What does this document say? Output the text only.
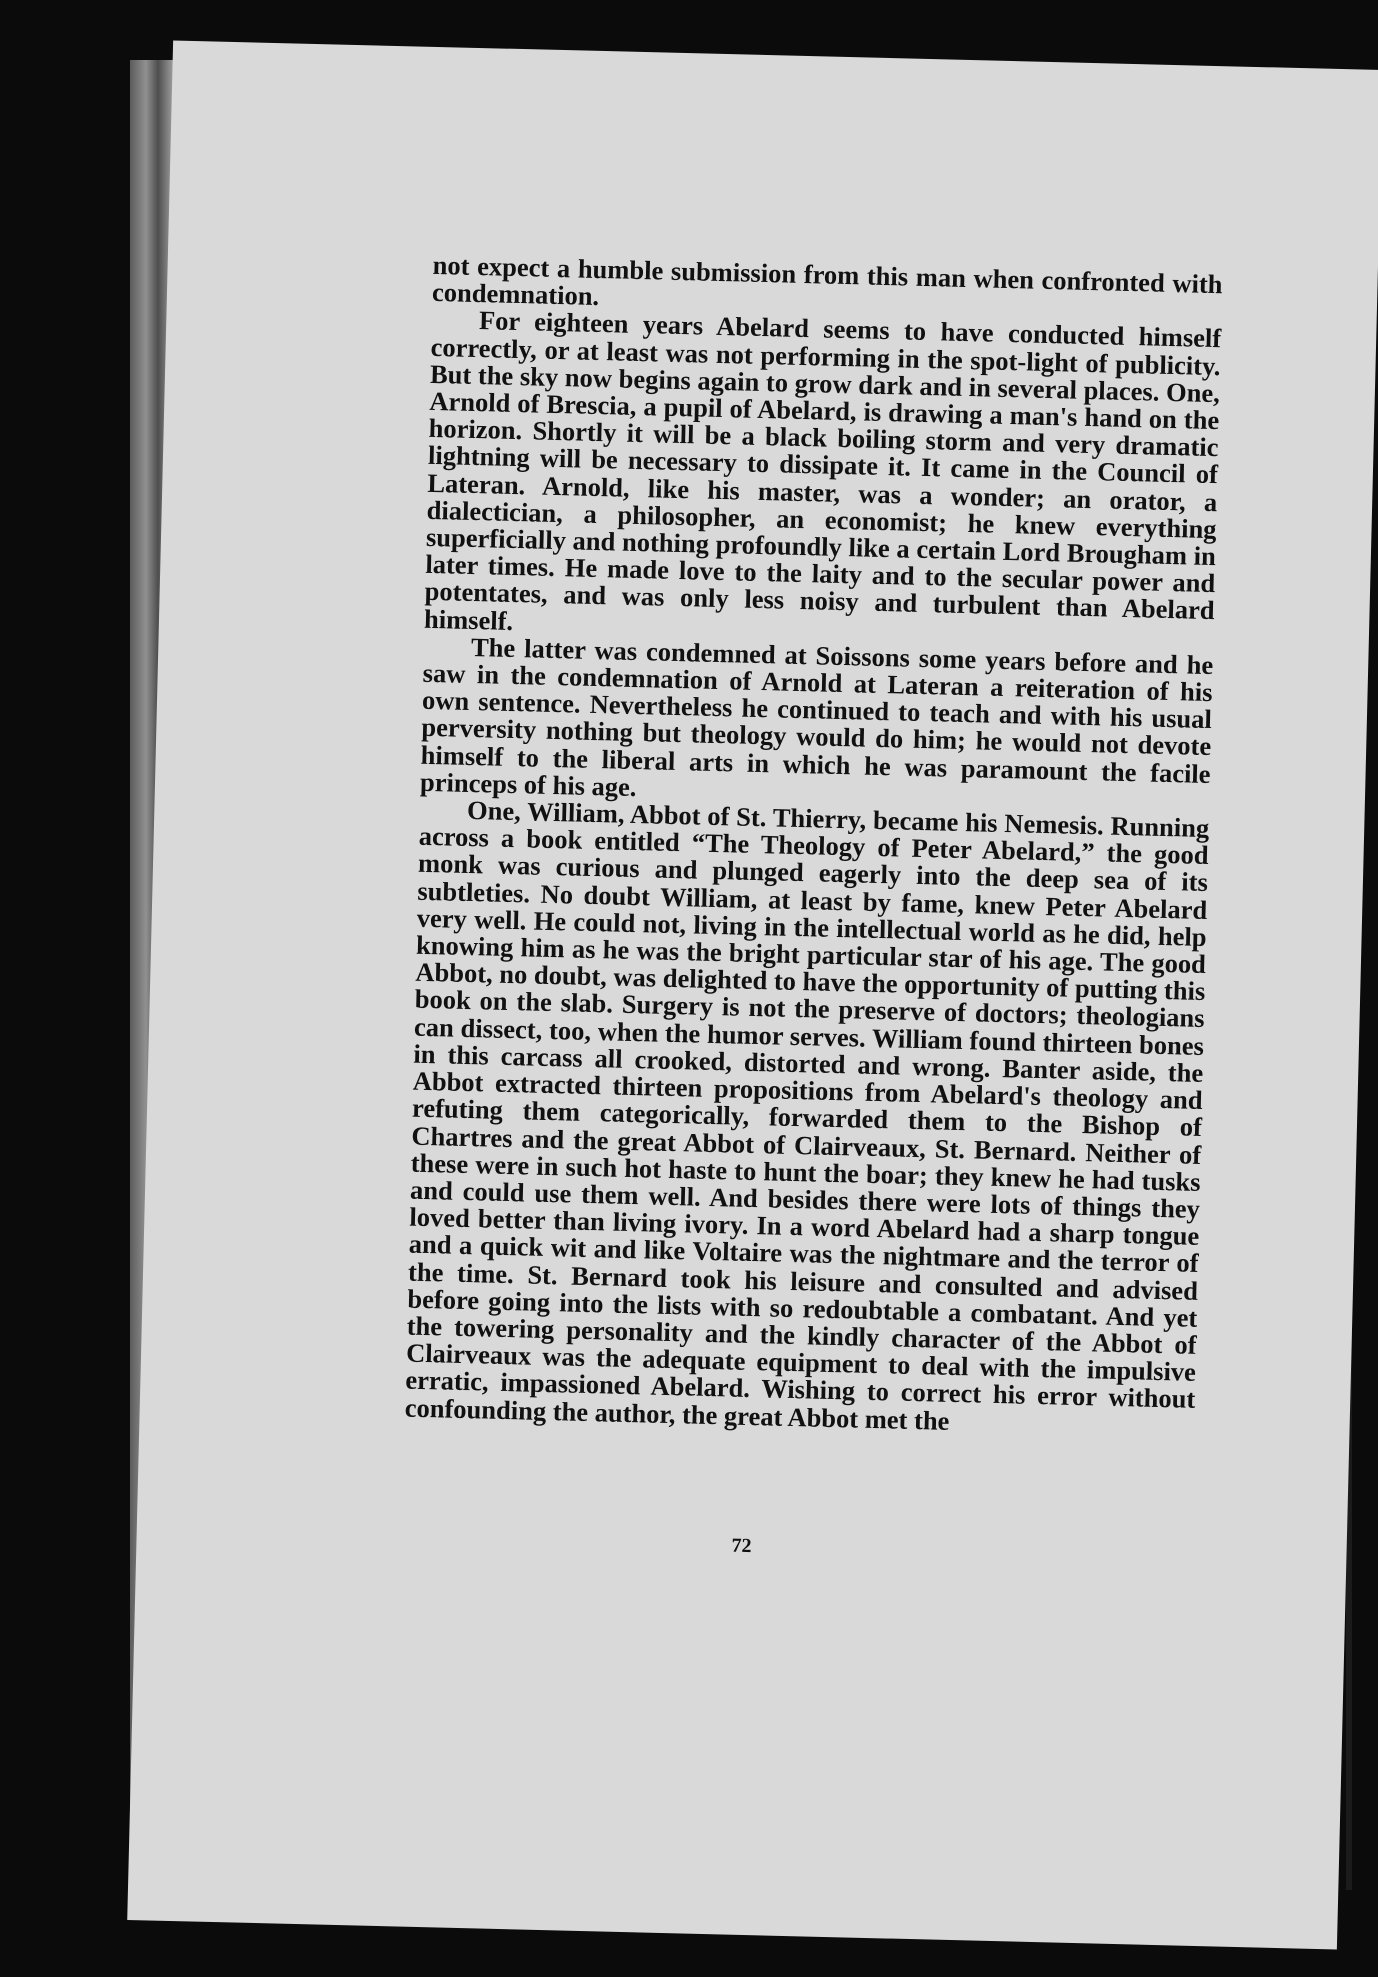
not expect a humble submission from this man when confronted with condemnation.

For eighteen years Abelard seems to have conducted himself correctly, or at least was not performing in the spot-light of publicity. But the sky now begins again to grow dark and in several places. One, Arnold of Brescia, a pupil of Abelard, is drawing a man's hand on the horizon. Shortly it will be a black boiling storm and very dramatic lightning will be necessary to dissipate it. It came in the Council of Lateran. Arnold, like his master, was a wonder; an orator, a dialectician, a philosopher, an economist; he knew everything superficially and nothing profoundly like a certain Lord Brougham in later times. He made love to the laity and to the secular power and potentates, and was only less noisy and turbulent than Abelard himself.

The latter was condemned at Soissons some years before and he saw in the condemnation of Arnold at Lateran a reiteration of his own sentence. Nevertheless he continued to teach and with his usual perversity nothing but theology would do him; he would not devote himself to the liberal arts in which he was paramount the facile princeps of his age.

One, William, Abbot of St. Thierry, became his Nemesis. Running across a book entitled “The Theology of Peter Abelard,” the good monk was curious and plunged eagerly into the deep sea of its subtleties. No doubt William, at least by fame, knew Peter Abelard very well. He could not, living in the intellectual world as he did, help knowing him as he was the bright particular star of his age. The good Abbot, no doubt, was delighted to have the opportunity of putting this book on the slab. Surgery is not the preserve of doctors; theologians can dissect, too, when the humor serves. William found thirteen bones in this carcass all crooked, distorted and wrong. Banter aside, the Abbot extracted thirteen propositions from Abelard's theology and refuting them categorically, forwarded them to the Bishop of Chartres and the great Abbot of Clairveaux, St. Bernard. Neither of these were in such hot haste to hunt the boar; they knew he had tusks and could use them well. And besides there were lots of things they loved better than living ivory. In a word Abelard had a sharp tongue and a quick wit and like Voltaire was the nightmare and the terror of the time. St. Bernard took his leisure and consulted and advised before going into the lists with so redoubtable a combatant. And yet the towering personality and the kindly character of the Abbot of Clairveaux was the adequate equipment to deal with the impulsive erratic, impassioned Abelard. Wishing to correct his error without confounding the author, the great Abbot met the

72
